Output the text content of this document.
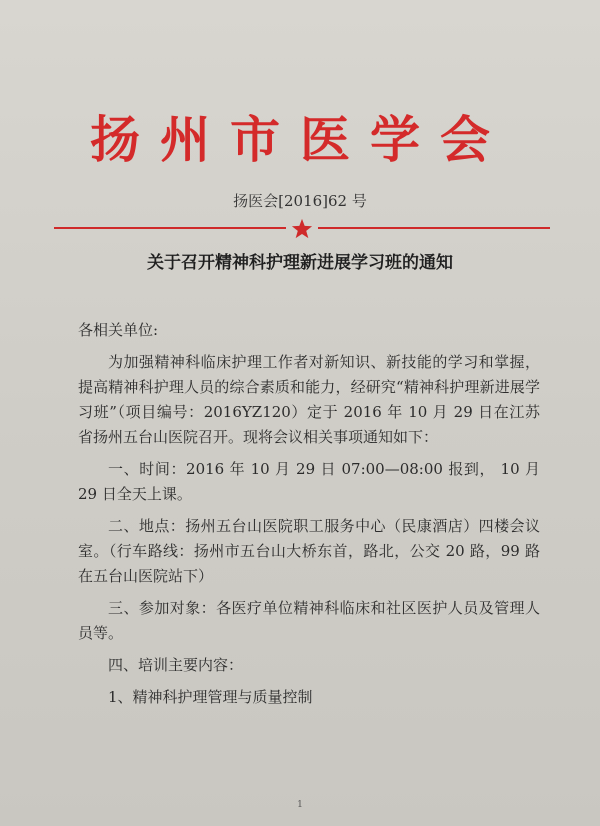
扬州市医学会
扬医会[2016]62 号
关于召开精神科护理新进展学习班的通知

各相关单位:

为加强精神科临床护理工作者对新知识、新技能的学习和掌握，提高精神科护理人员的综合素质和能力，经研究“精神科护理新进展学习班”（项目编号：2016YZ120）定于 2016 年 10 月 29 日在江苏省扬州五台山医院召开。现将会议相关事项通知如下：

一、时间：2016 年 10 月 29 日 07:00—08:00 报到， 10 月 29 日全天上课。

二、地点：扬州五台山医院职工服务中心（民康酒店）四楼会议室。（行车路线：扬州市五台山大桥东首，路北，公交 20 路，99 路在五台山医院站下）

三、参加对象：各医疗单位精神科临床和社区医护人员及管理人员等。

四、培训主要内容：

1、精神科护理管理与质量控制

1
